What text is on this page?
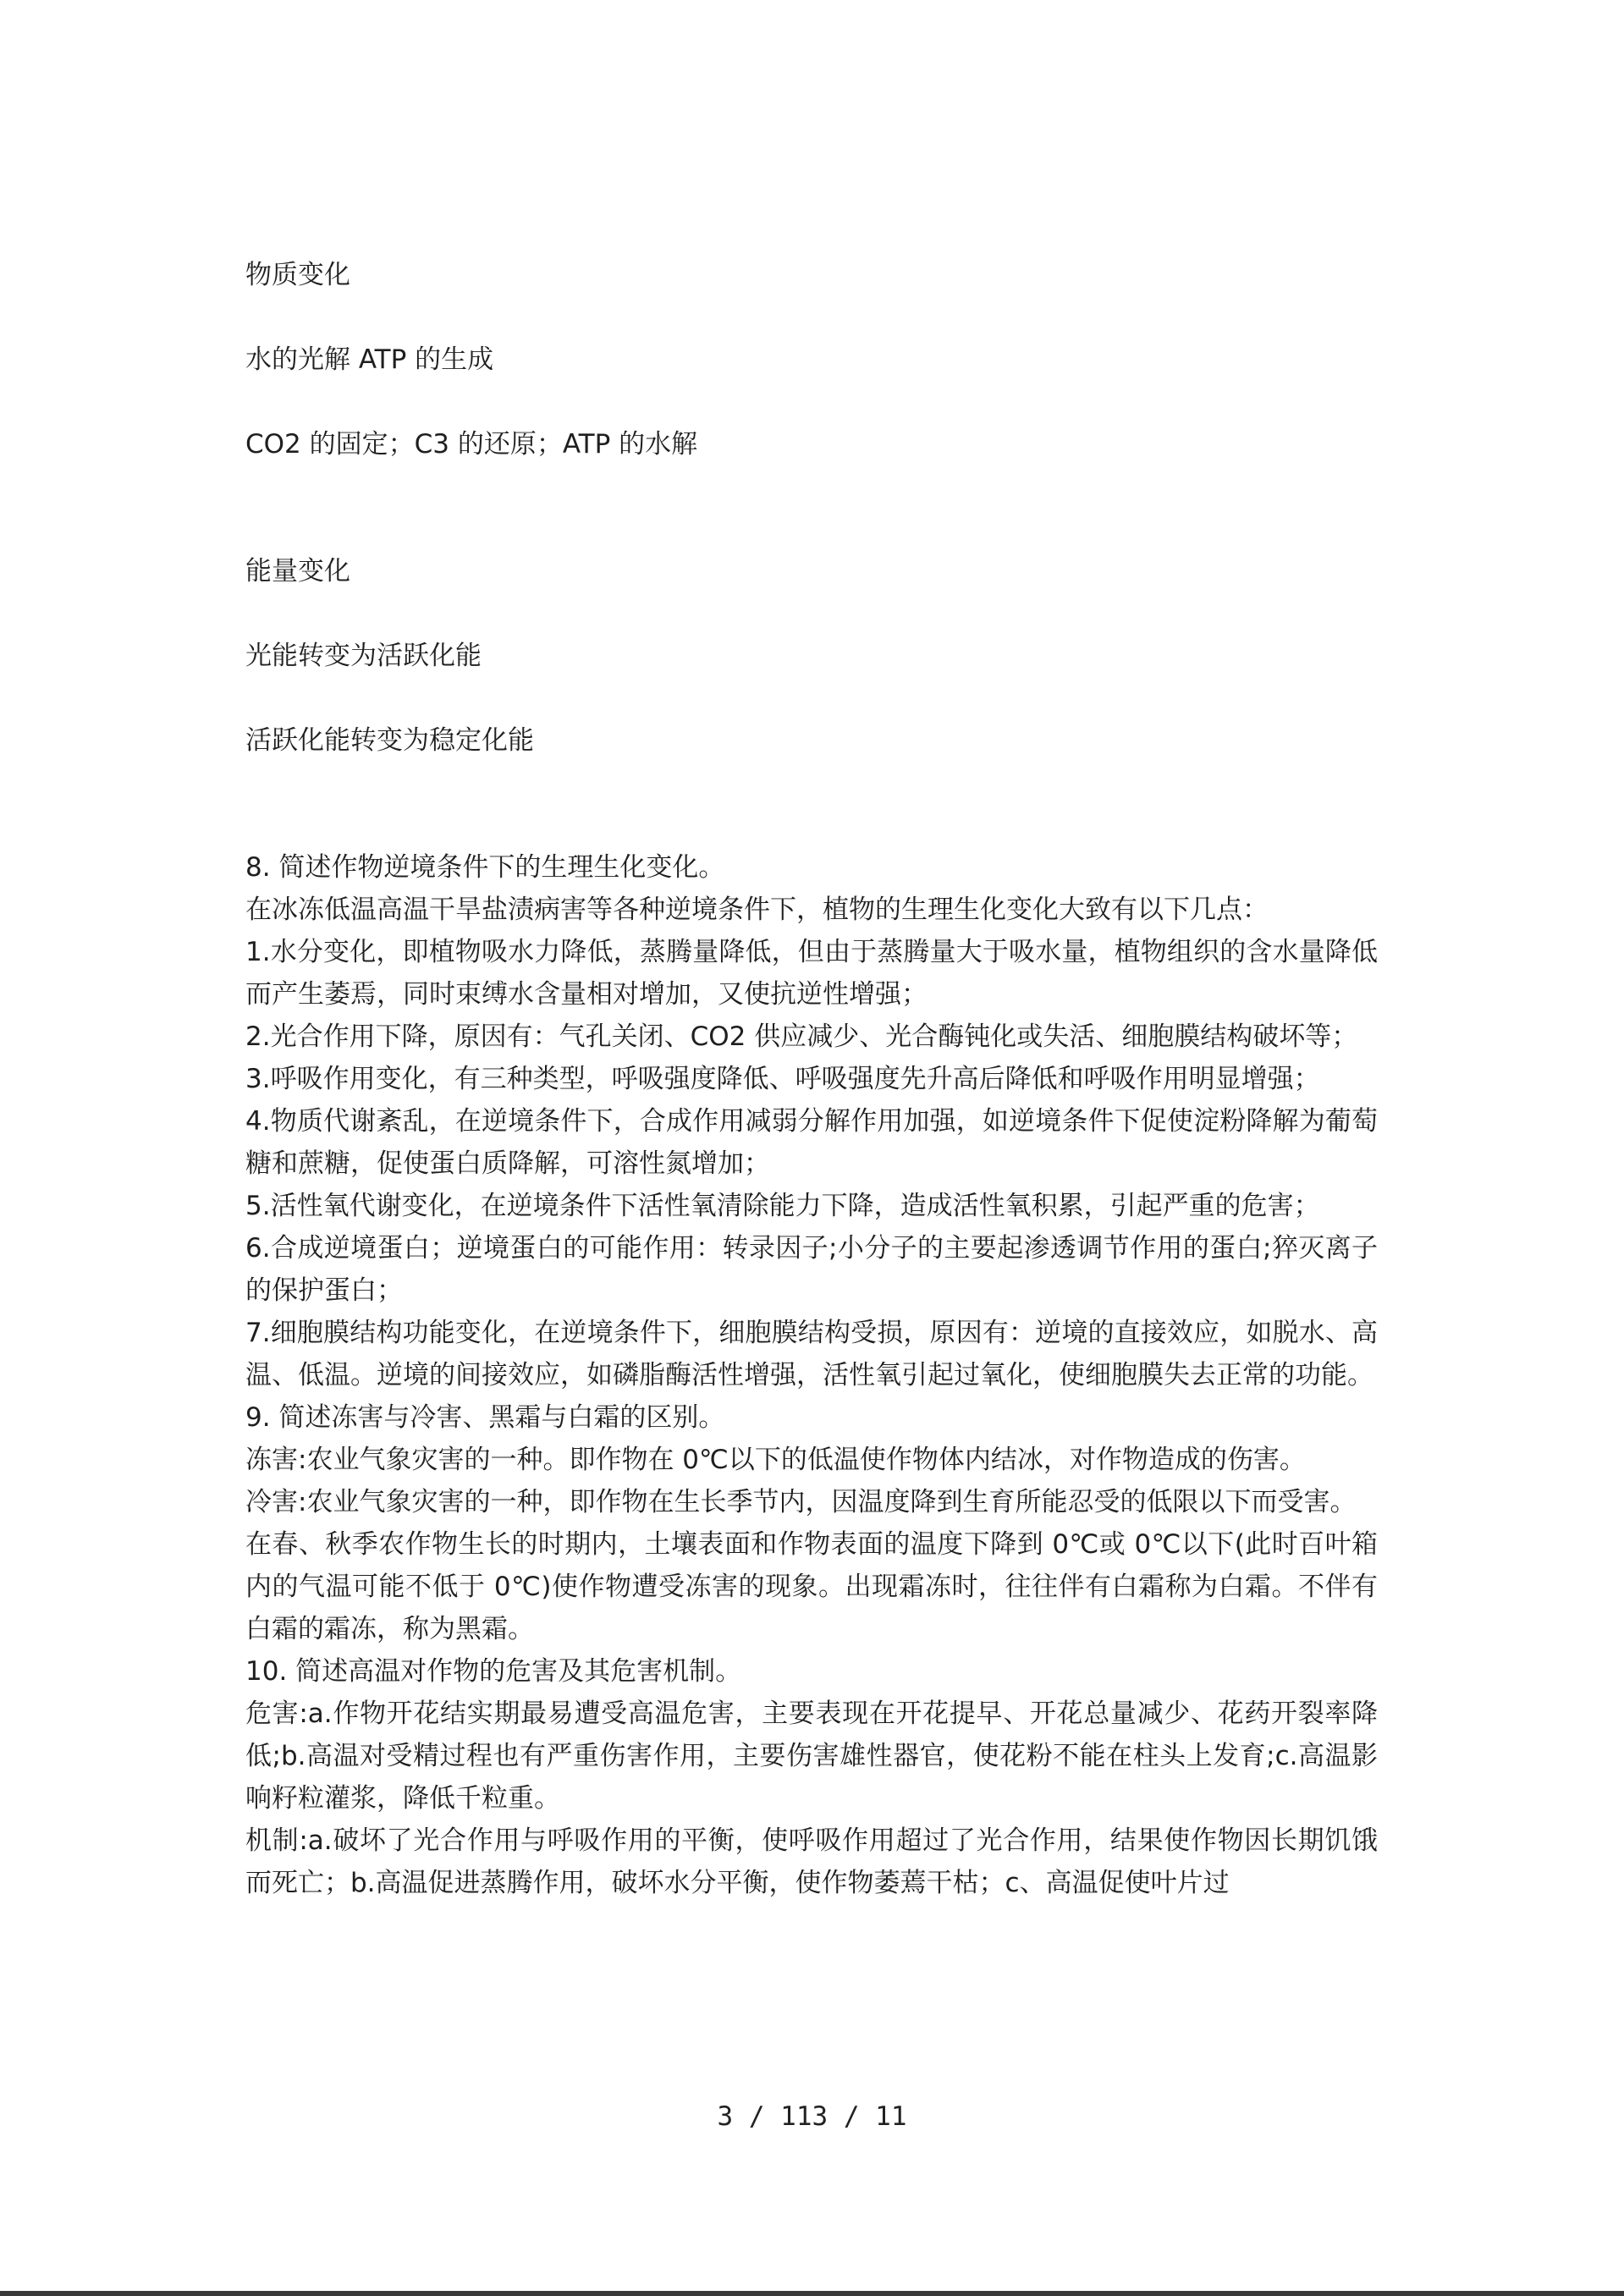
物质变化

水的光解 ATP 的生成

CO2 的固定；C3 的还原；ATP 的水解

能量变化

光能转变为活跃化能

活跃化能转变为稳定化能

8. 简述作物逆境条件下的生理生化变化。

在冰冻低温高温干旱盐渍病害等各种逆境条件下，植物的生理生化变化大致有以下几点：

1.水分变化，即植物吸水力降低，蒸腾量降低，但由于蒸腾量大于吸水量，植物组织的含水量降低而产生萎焉，同时束缚水含量相对增加，又使抗逆性增强；

2.光合作用下降，原因有：气孔关闭、CO2 供应减少、光合酶钝化或失活、细胞膜结构破坏等；

3.呼吸作用变化，有三种类型，呼吸强度降低、呼吸强度先升高后降低和呼吸作用明显增强；

4.物质代谢紊乱，在逆境条件下，合成作用减弱分解作用加强，如逆境条件下促使淀粉降解为葡萄糖和蔗糖，促使蛋白质降解，可溶性氮增加；

5.活性氧代谢变化，在逆境条件下活性氧清除能力下降，造成活性氧积累，引起严重的危害；

6.合成逆境蛋白；逆境蛋白的可能作用：转录因子;小分子的主要起渗透调节作用的蛋白;猝灭离子的保护蛋白；

7.细胞膜结构功能变化，在逆境条件下，细胞膜结构受损，原因有：逆境的直接效应，如脱水、高温、低温。逆境的间接效应，如磷脂酶活性增强，活性氧引起过氧化，使细胞膜失去正常的功能。

9. 简述冻害与冷害、黑霜与白霜的区别。

冻害:农业气象灾害的一种。即作物在 0℃以下的低温使作物体内结冰，对作物造成的伤害。

冷害:农业气象灾害的一种，即作物在生长季节内，因温度降到生育所能忍受的低限以下而受害。

在春、秋季农作物生长的时期内，土壤表面和作物表面的温度下降到 0℃或 0℃以下(此时百叶箱内的气温可能不低于 0℃)使作物遭受冻害的现象。出现霜冻时，往往伴有白霜称为白霜。不伴有白霜的霜冻，称为黑霜。

10. 简述高温对作物的危害及其危害机制。

危害:a.作物开花结实期最易遭受高温危害，主要表现在开花提早、开花总量减少、花药开裂率降低;b.高温对受精过程也有严重伤害作用，主要伤害雄性器官，使花粉不能在柱头上发育;c.高温影响籽粒灌浆，降低千粒重。

机制:a.破坏了光合作用与呼吸作用的平衡，使呼吸作用超过了光合作用，结果使作物因长期饥饿而死亡；b.高温促进蒸腾作用，破坏水分平衡，使作物萎蔫干枯；c、高温促使叶片过

3 / 113 / 11
